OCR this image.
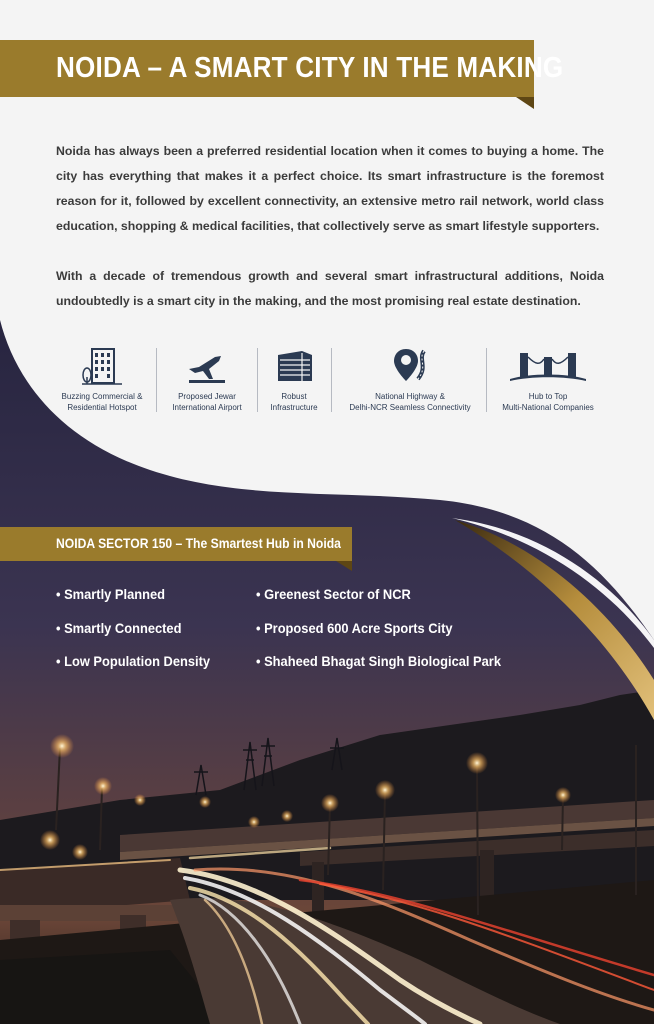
NOIDA – A SMART CITY IN THE MAKING

Noida has always been a preferred residential location when it comes to buying a home. The city has everything that makes it a perfect choice. Its smart infrastructure is the foremost reason for it, followed by excellent connectivity, an extensive metro rail network, world class education, shopping & medical facilities, that collectively serve as smart lifestyle supporters.

With a decade of tremendous growth and several smart infrastructural additions, Noida undoubtedly is a smart city in the making, and the most promising real estate destination.

Buzzing Commercial &
Residential Hotspot
Proposed Jewar
International Airport
Robust
Infrastructure
National Highway &
Delhi-NCR Seamless Connectivity
Hub to Top
Multi-National Companies
NOIDA SECTOR 150 – The Smartest Hub in Noida
• Smartly Planned
• Smartly Connected
• Low Population Density
• Greenest Sector of NCR
• Proposed 600 Acre Sports City
• Shaheed Bhagat Singh Biological Park
